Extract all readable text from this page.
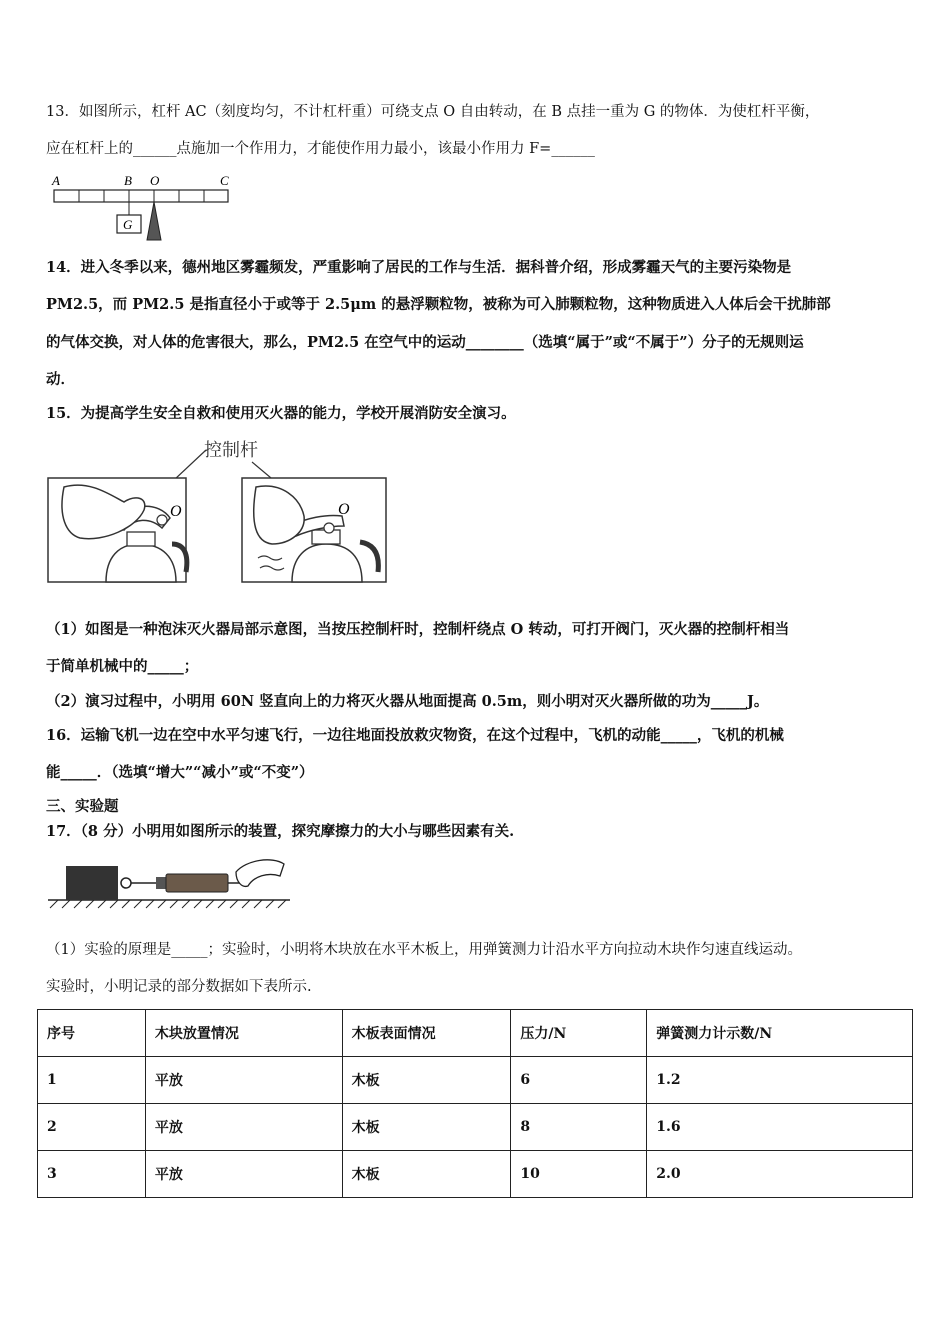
13．如图所示，杠杆 AC（刻度均匀，不计杠杆重）可绕支点 O 自由转动，在 B 点挂一重为 G 的物体．为使杠杆平衡，
应在杠杆上的______点施加一个作用力，才能使作用力最小，该最小作用力 F=______
A	B O	C
G
14．进入冬季以来，德州地区雾霾频发，严重影响了居民的工作与生活．据科普介绍，形成雾霾天气的主要污染物是
PM2.5，而 PM2.5 是指直径小于或等于 2.5μm 的悬浮颗粒物，被称为可入肺颗粒物，这种物质进入人体后会干扰肺部
的气体交换，对人体的危害很大，那么，PM2.5 在空气中的运动________（选填“属于”或“不属于”）分子的无规则运
动．
15．为提高学生安全自救和使用灭火器的能力，学校开展消防安全演习。
控制杆
O	O
（1）如图是一种泡沫灭火器局部示意图，当按压控制杆时，控制杆绕点 O 转动，可打开阀门，灭火器的控制杆相当
于简单机械中的_____；
（2）演习过程中，小明用 60N 竖直向上的力将灭火器从地面提高 0.5m，则小明对灭火器所做的功为_____J。
16．运输飞机一边在空中水平匀速飞行，一边往地面投放救灾物资，在这个过程中，飞机的动能_____，飞机的机械
能_____．（选填“增大”“减小”或“不变”）
三、实验题
17．（8 分）小明用如图所示的装置，探究摩擦力的大小与哪些因素有关.
（1）实验的原理是_____；实验时，小明将木块放在水平木板上，用弹簧测力计沿水平方向拉动木块作匀速直线运动。
实验时，小明记录的部分数据如下表所示.
序号	木块放置情况	木板表面情况	压力/N	弹簧测力计示数/N
1	平放	木板	6	1.2
2	平放	木板	8	1.6
3	平放	木板	10	2.0
